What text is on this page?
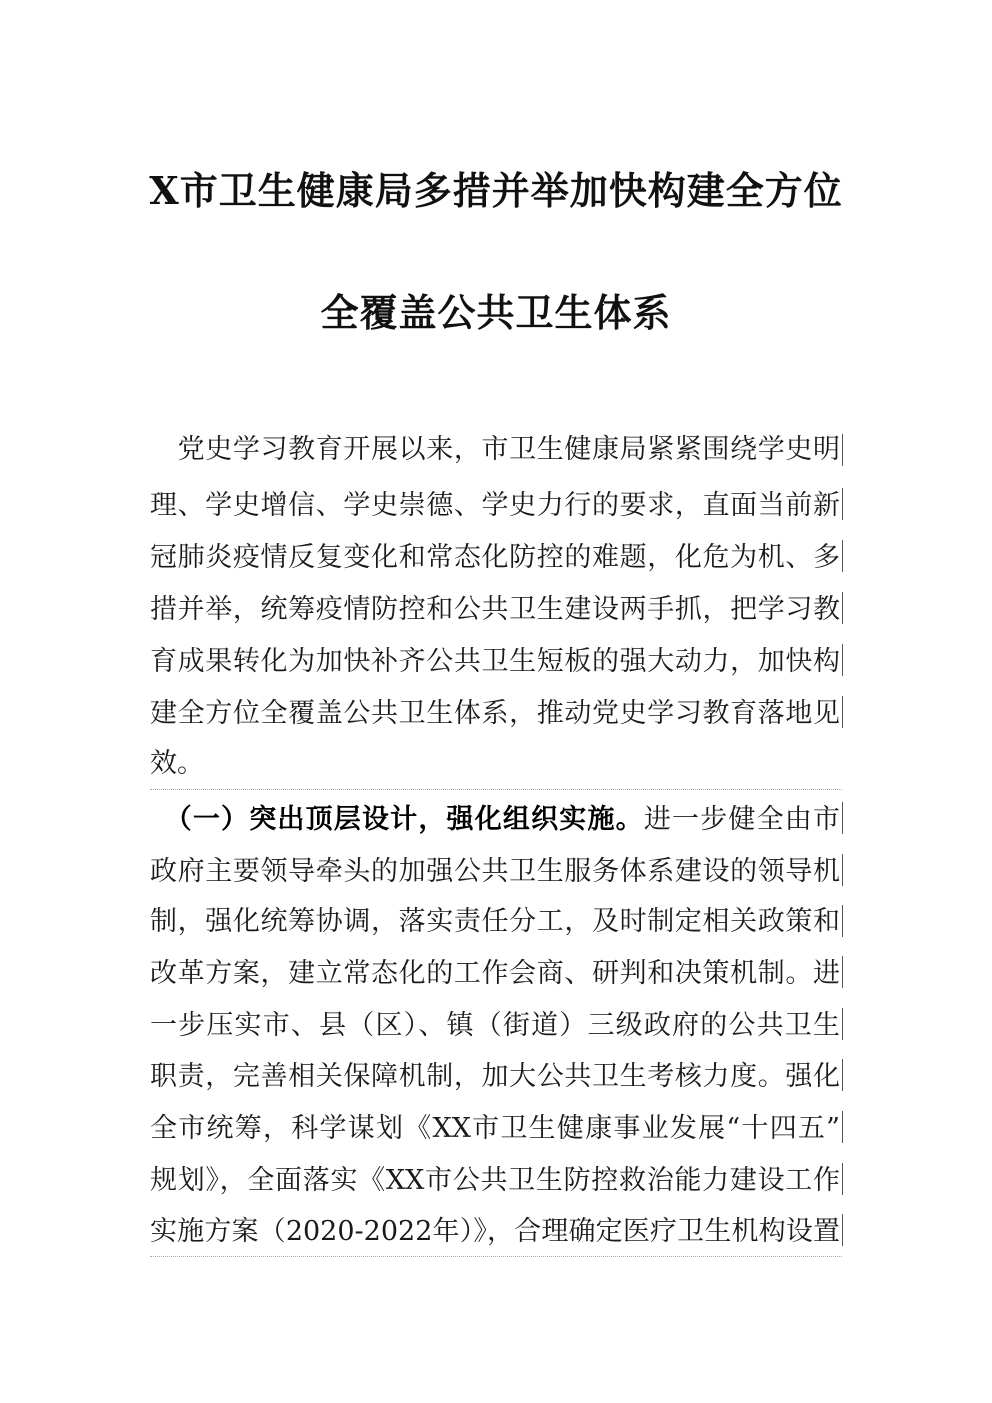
X市卫生健康局多措并举加快构建全方位
全覆盖公共卫生体系
　党史学习教育开展以来，市卫生健康局紧紧围绕学史明
理、学史增信、学史崇德、学史力行的要求，直面当前新
冠肺炎疫情反复变化和常态化防控的难题，化危为机、多
措并举，统筹疫情防控和公共卫生建设两手抓，把学习教
育成果转化为加快补齐公共卫生短板的强大动力，加快构
建全方位全覆盖公共卫生体系，推动党史学习教育落地见
效。
　（一）突出顶层设计，强化组织实施。进一步健全由市
政府主要领导牵头的加强公共卫生服务体系建设的领导机
制，强化统筹协调，落实责任分工，及时制定相关政策和
改革方案，建立常态化的工作会商、研判和决策机制。进
一步压实市、县（区）、镇（街道）三级政府的公共卫生
职责，完善相关保障机制，加大公共卫生考核力度。强化
全市统筹，科学谋划《XX市卫生健康事业发展“十四五”
规划》，全面落实《XX市公共卫生防控救治能力建设工作
实施方案（2020-2022年）》，合理确定医疗卫生机构设置
